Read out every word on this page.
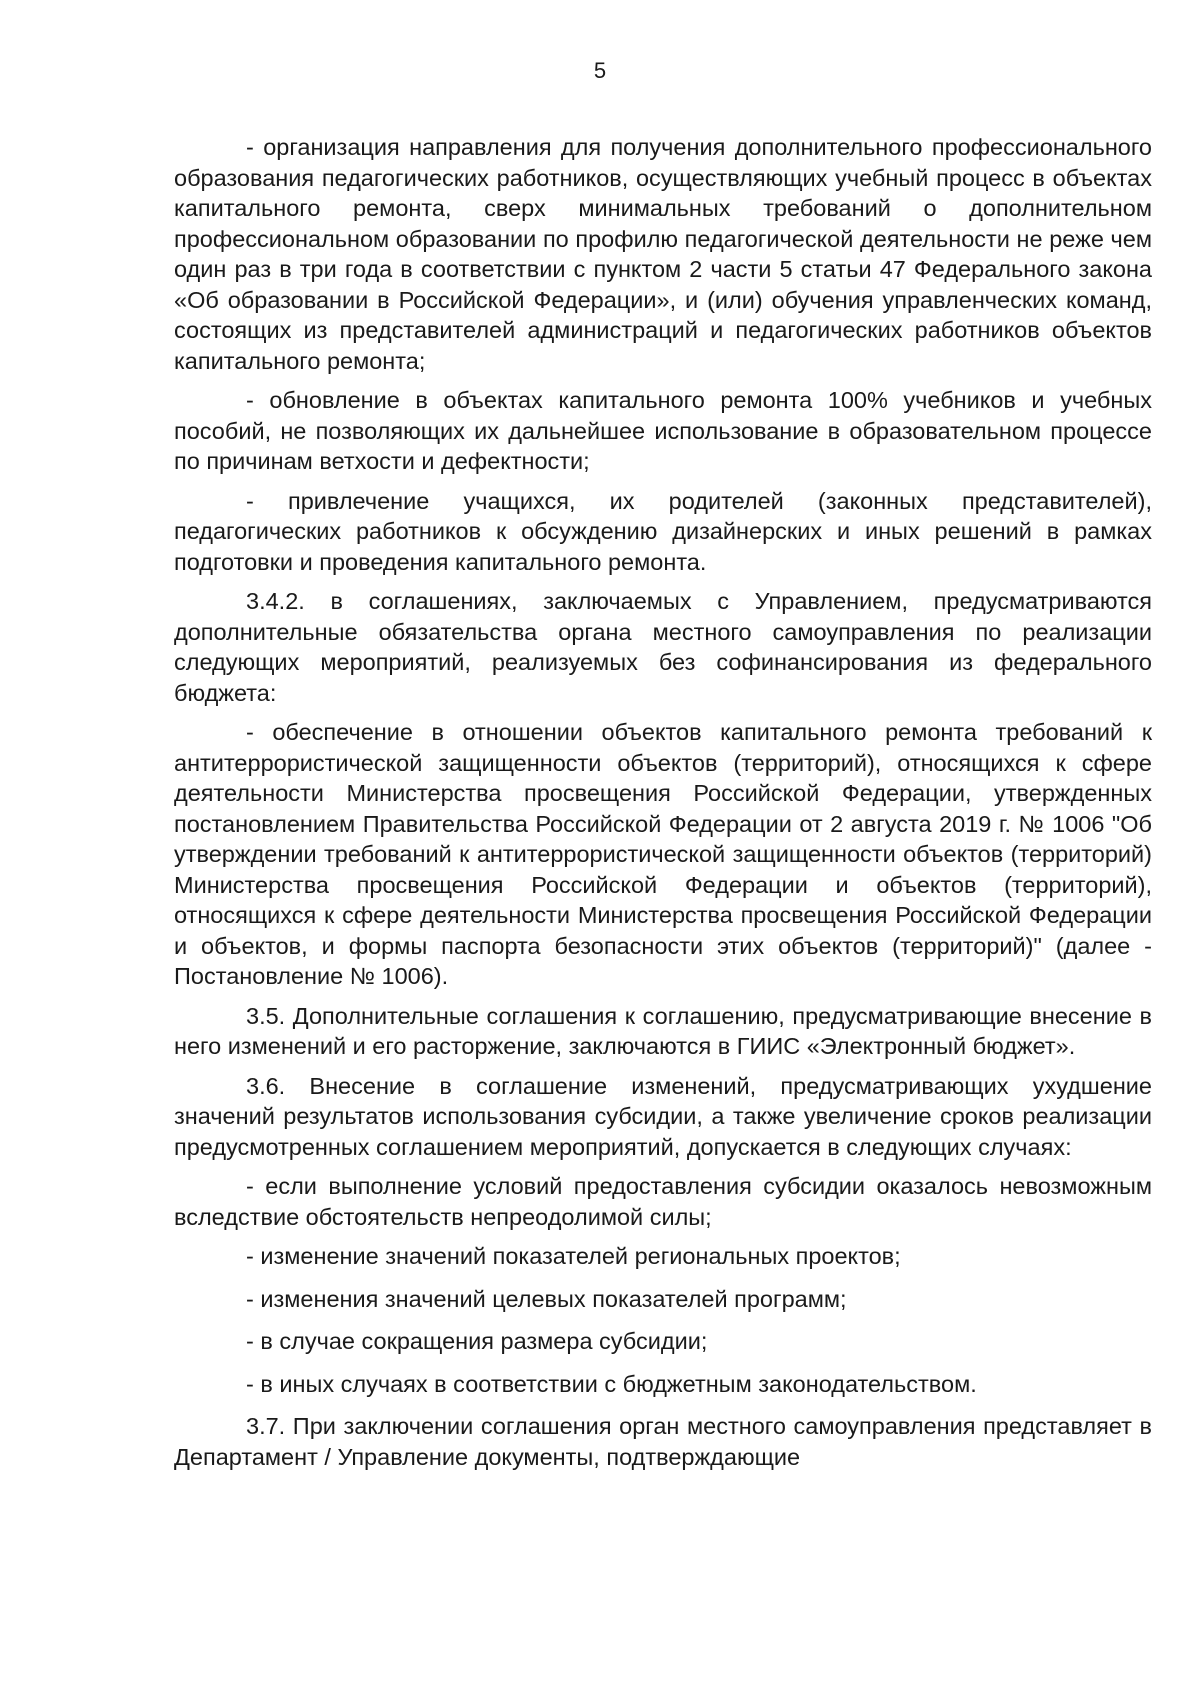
5

- организация направления для получения дополнительного профессионального образования педагогических работников, осуществляющих учебный процесс в объектах капитального ремонта, сверх минимальных требований о дополнительном профессиональном образовании по профилю педагогической деятельности не реже чем один раз в три года в соответствии с пунктом 2 части 5 статьи 47 Федерального закона «Об образовании в Российской Федерации», и (или) обучения управленческих команд, состоящих из представителей администраций и педагогических работников объектов капитального ремонта;

- обновление в объектах капитального ремонта 100% учебников и учебных пособий, не позволяющих их дальнейшее использование в образовательном процессе по причинам ветхости и дефектности;

- привлечение учащихся, их родителей (законных представителей), педагогических работников к обсуждению дизайнерских и иных решений в рамках подготовки и проведения капитального ремонта.

3.4.2. в соглашениях, заключаемых с Управлением, предусматриваются дополнительные обязательства органа местного самоуправления по реализации следующих мероприятий, реализуемых без софинансирования из федерального бюджета:

- обеспечение в отношении объектов капитального ремонта требований к антитеррористической защищенности объектов (территорий), относящихся к сфере деятельности Министерства просвещения Российской Федерации, утвержденных постановлением Правительства Российской Федерации от 2 августа 2019 г. № 1006 "Об утверждении требований к антитеррористической защищенности объектов (территорий) Министерства просвещения Российской Федерации и объектов (территорий), относящихся к сфере деятельности Министерства просвещения Российской Федерации и объектов, и формы паспорта безопасности этих объектов (территорий)" (далее - Постановление № 1006).

3.5. Дополнительные соглашения к соглашению, предусматривающие внесение в него изменений и его расторжение, заключаются в ГИИС «Электронный бюджет».

3.6. Внесение в соглашение изменений, предусматривающих ухудшение значений результатов использования субсидии, а также увеличение сроков реализации предусмотренных соглашением мероприятий, допускается в следующих случаях:

- если выполнение условий предоставления субсидии оказалось невозможным вследствие обстоятельств непреодолимой силы;

- изменение значений показателей региональных проектов;

- изменения значений целевых показателей программ;

- в случае сокращения размера субсидии;

- в иных случаях в соответствии с бюджетным законодательством.

3.7. При заключении соглашения орган местного самоуправления представляет в Департамент / Управление документы, подтверждающие
